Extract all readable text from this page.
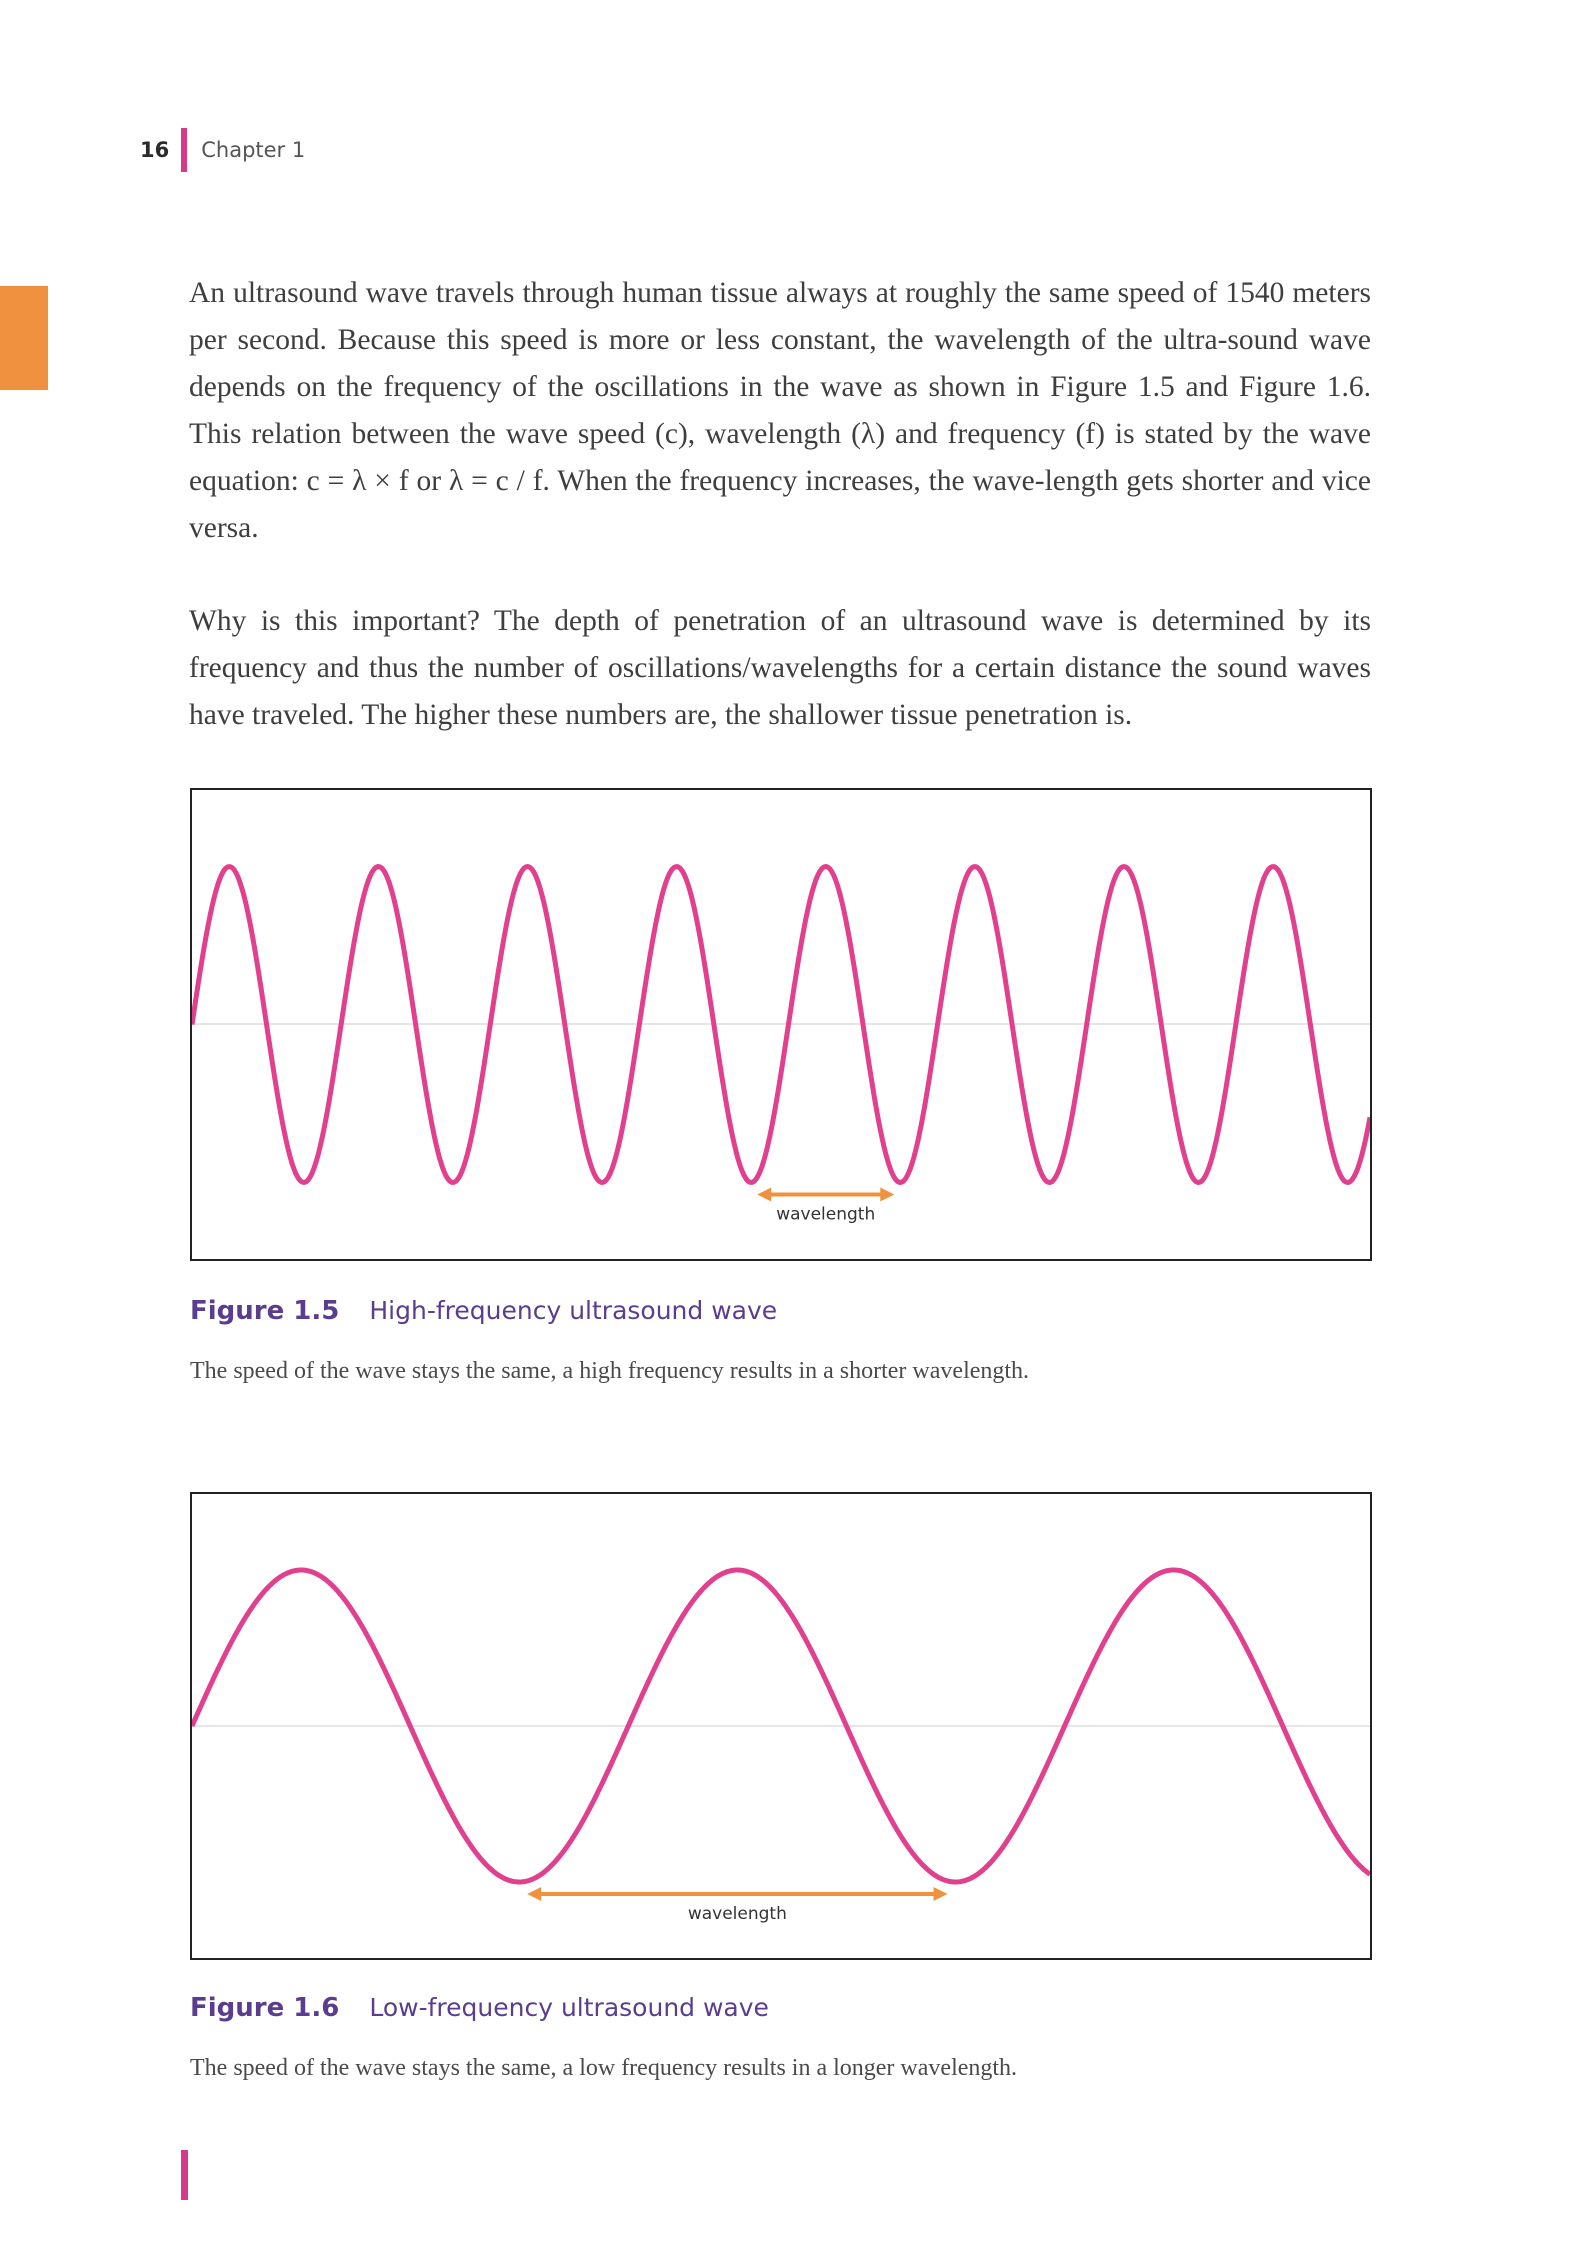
16 Chapter 1

An ultrasound wave travels through human tissue always at roughly the same speed of 1540 meters per second. Because this speed is more or less constant, the wavelength of the ultra-sound wave depends on the frequency of the oscillations in the wave as shown in Figure 1.5 and Figure 1.6. This relation between the wave speed (c), wavelength (λ) and frequency (f) is stated by the wave equation: c = λ × f or λ = c / f. When the frequency increases, the wave-length gets shorter and vice versa.

Why is this important? The depth of penetration of an ultrasound wave is determined by its frequency and thus the number of oscillations/wavelengths for a certain distance the sound waves have traveled. The higher these numbers are, the shallower tissue penetration is.

wavelength
Figure 1.5 High-frequency ultrasound wave

The speed of the wave stays the same, a high frequency results in a shorter wavelength.

wavelength
Figure 1.6 Low-frequency ultrasound wave

The speed of the wave stays the same, a low frequency results in a longer wavelength.
